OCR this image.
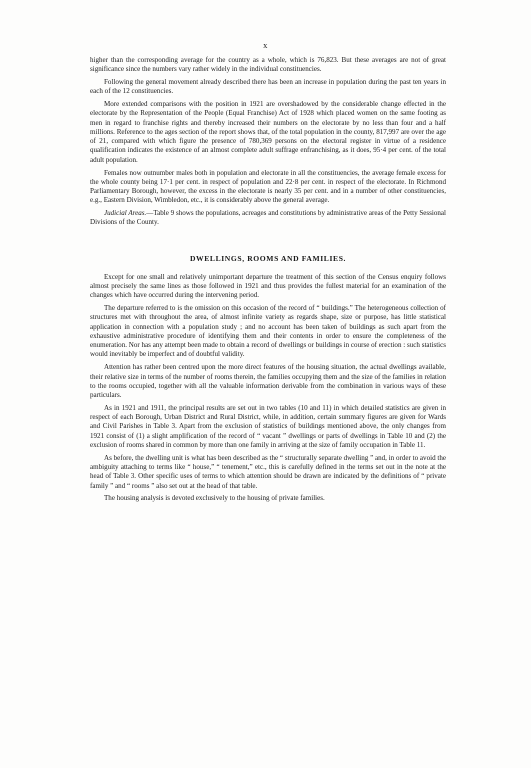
x

higher than the corresponding average for the country as a whole, which is 76,823. But these averages are not of great significance since the numbers vary rather widely in the individual constituencies.

Following the general movement already described there has been an increase in population during the past ten years in each of the 12 constituencies.

More extended comparisons with the position in 1921 are overshadowed by the considerable change effected in the electorate by the Representation of the People (Equal Franchise) Act of 1928 which placed women on the same footing as men in regard to franchise rights and thereby increased their numbers on the electorate by no less than four and a half millions. Reference to the ages section of the report shows that, of the total population in the county, 817,997 are over the age of 21, compared with which figure the presence of 780,369 persons on the electoral register in virtue of a residence qualification indicates the existence of an almost complete adult suffrage enfranchising, as it does, 95·4 per cent. of the total adult population.

Females now outnumber males both in population and electorate in all the constituencies, the average female excess for the whole county being 17·1 per cent. in respect of population and 22·8 per cent. in respect of the electorate. In Richmond Parliamentary Borough, however, the excess in the electorate is nearly 35 per cent. and in a number of other constituencies, e.g., Eastern Division, Wimbledon, etc., it is considerably above the general average.

Judicial Areas.—Table 9 shows the populations, acreages and constitutions by administrative areas of the Petty Sessional Divisions of the County.

DWELLINGS, ROOMS AND FAMILIES.

Except for one small and relatively unimportant departure the treatment of this section of the Census enquiry follows almost precisely the same lines as those followed in 1921 and thus provides the fullest material for an examination of the changes which have occurred during the intervening period.

The departure referred to is the omission on this occasion of the record of “ buildings.” The heterogeneous collection of structures met with throughout the area, of almost infinite variety as regards shape, size or purpose, has little statistical application in connection with a population study ; and no account has been taken of buildings as such apart from the exhaustive administrative procedure of identifying them and their contents in order to ensure the completeness of the enumeration. Nor has any attempt been made to obtain a record of dwellings or buildings in course of erection : such statistics would inevitably be imperfect and of doubtful validity.

Attention has rather been centred upon the more direct features of the housing situation, the actual dwellings available, their relative size in terms of the number of rooms therein, the families occupying them and the size of the families in relation to the rooms occupied, together with all the valuable information derivable from the combination in various ways of these particulars.

As in 1921 and 1911, the principal results are set out in two tables (10 and 11) in which detailed statistics are given in respect of each Borough, Urban District and Rural District, while, in addition, certain summary figures are given for Wards and Civil Parishes in Table 3. Apart from the exclusion of statistics of buildings mentioned above, the only changes from 1921 consist of (1) a slight amplification of the record of “ vacant ” dwellings or parts of dwellings in Table 10 and (2) the exclusion of rooms shared in common by more than one family in arriving at the size of family occupation in Table 11.

As before, the dwelling unit is what has been described as the “ structurally separate dwelling ” and, in order to avoid the ambiguity attaching to terms like “ house,” “ tenement,” etc., this is carefully defined in the terms set out in the note at the head of Table 3. Other specific uses of terms to which attention should be drawn are indicated by the definitions of “ private family ” and “ rooms ” also set out at the head of that table.

The housing analysis is devoted exclusively to the housing of private families.
